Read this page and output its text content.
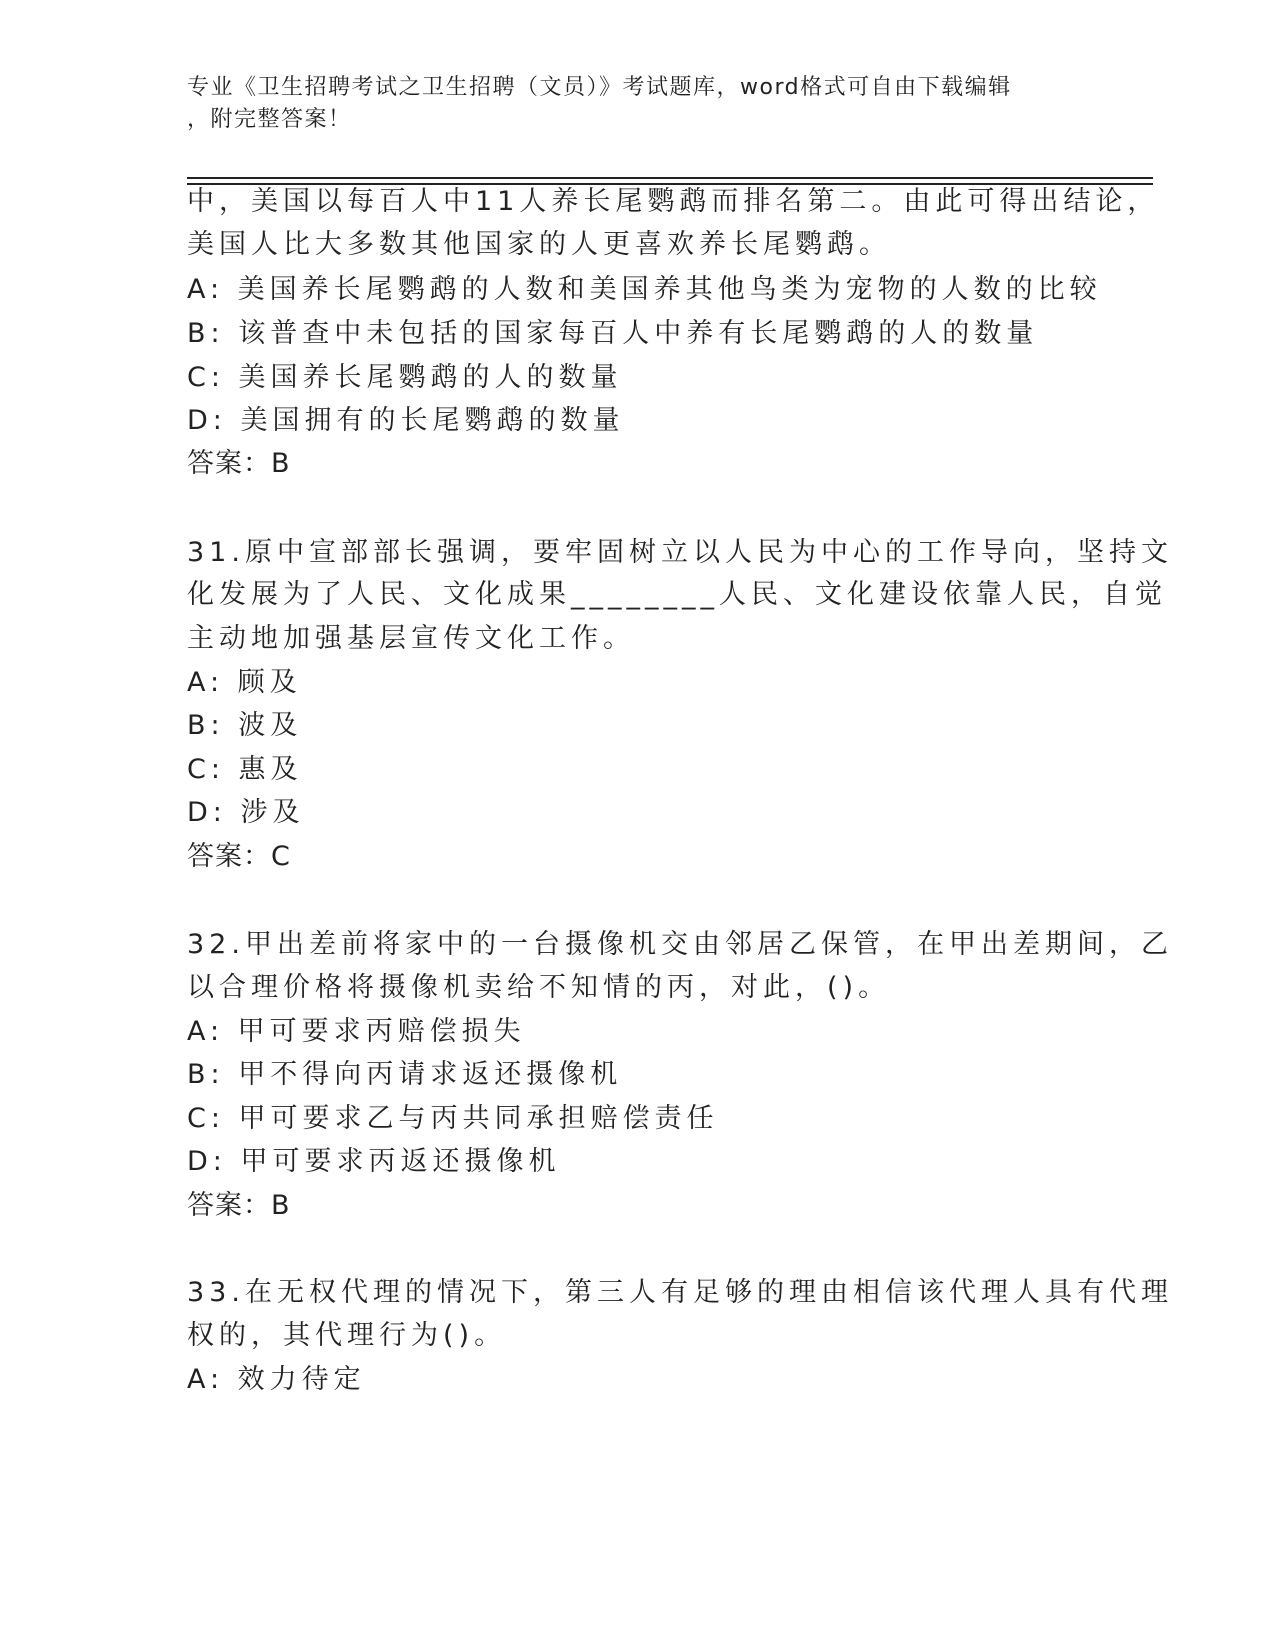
专业《卫生招聘考试之卫生招聘（文员）》考试题库，word格式可自由下载编辑
，附完整答案！
中，美国以每百人中11人养长尾鹦鹉而排名第二。由此可得出结论，
美国人比大多数其他国家的人更喜欢养长尾鹦鹉。
A: 美国养长尾鹦鹉的人数和美国养其他鸟类为宠物的人数的比较
B: 该普查中未包括的国家每百人中养有长尾鹦鹉的人的数量
C: 美国养长尾鹦鹉的人的数量
D: 美国拥有的长尾鹦鹉的数量
答案：B
31.原中宣部部长强调，要牢固树立以人民为中心的工作导向，坚持文
化发展为了人民、文化成果________人民、文化建设依靠人民，自觉
主动地加强基层宣传文化工作。
A: 顾及
B: 波及
C: 惠及
D: 涉及
答案：C
32.甲出差前将家中的一台摄像机交由邻居乙保管，在甲出差期间，乙
以合理价格将摄像机卖给不知情的丙，对此，()。
A: 甲可要求丙赔偿损失
B: 甲不得向丙请求返还摄像机
C: 甲可要求乙与丙共同承担赔偿责任
D: 甲可要求丙返还摄像机
答案：B
33.在无权代理的情况下，第三人有足够的理由相信该代理人具有代理
权的，其代理行为()。
A: 效力待定
